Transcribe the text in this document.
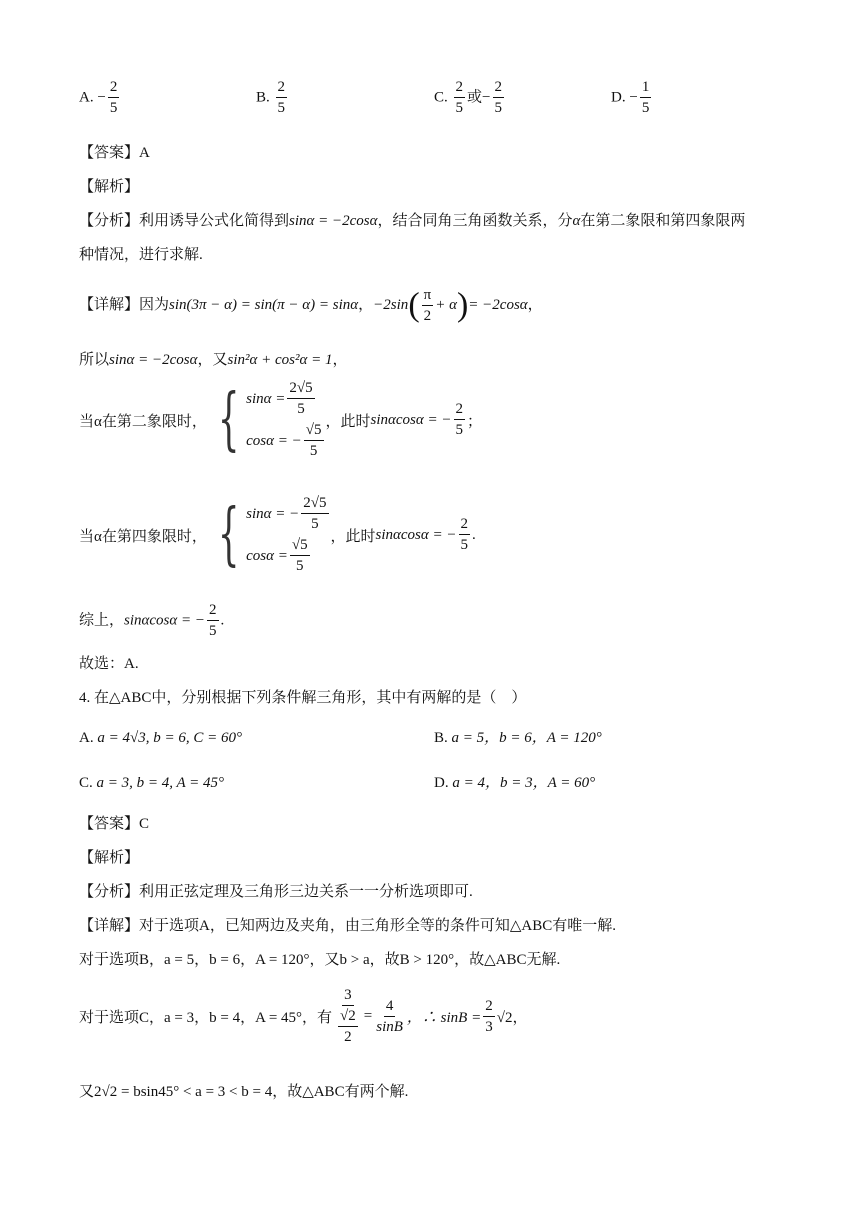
A. − $\frac{2}{5}$	B. $\frac{2}{5}$	C. $\frac{2}{5}$ 或− $\frac{2}{5}$	D. − $\frac{1}{5}$
【答案】A
【解析】
【分析】利用诱导公式化简得到sinα = −2cosα，结合同角三角函数关系，分α在第二象限和第四象限两
种情况，进行求解.
【详解】因为sin(3π − α) = sin(π − α) = sinα，$-2\sin( \frac{\pi}{2} + \alpha)= -2\cos\alpha$，
所以sinα = −2cosα，又sin²α + cos²α = 1，
当α在第二象限时， { $\sin\alpha = \frac{2√5}{5}$
cosα = − $\frac{√5}{5}$
，此时 sinαcosα = − $\frac{2}{5}$ ；
当α在第四象限时， { sinα = − $\frac{2√5}{5}$
$\cos\alpha = \frac{√5}{5}$
，此时 sinαcosα = − $\frac{2}{5}$ .
综上，sinαcosα = − $\frac{2}{5}$ .
故选：A.
4. 在△ABC中，分别根据下列条件解三角形，其中有两解的是（　）
A. a = 4√3, b = 6, C = 60°	B. a = 5，b = 6，A = 120°
C. a = 3, b = 4, A = 45°	D. a = 4，b = 3，A = 60°
【答案】C
【解析】
【分析】利用正弦定理及三角形三边关系一一分析选项即可.
【详解】对于选项A，已知两边及夹角，由三角形全等的条件可知△ABC有唯一解.
对于选项B，a = 5，b = 6，A = 120°，又b > a，故B > 120°，故△ABC无解.
对于选项C，a = 3，b = 4，A = 45°，有 $\frac{3}{\frac{√2}{2}} = \frac{4}{\sin B}$ ，∴ $\sin B = \frac{2}{3} √2$，
又2√2 = bsin45° < a = 3 < b = 4，故△ABC有两个解.
